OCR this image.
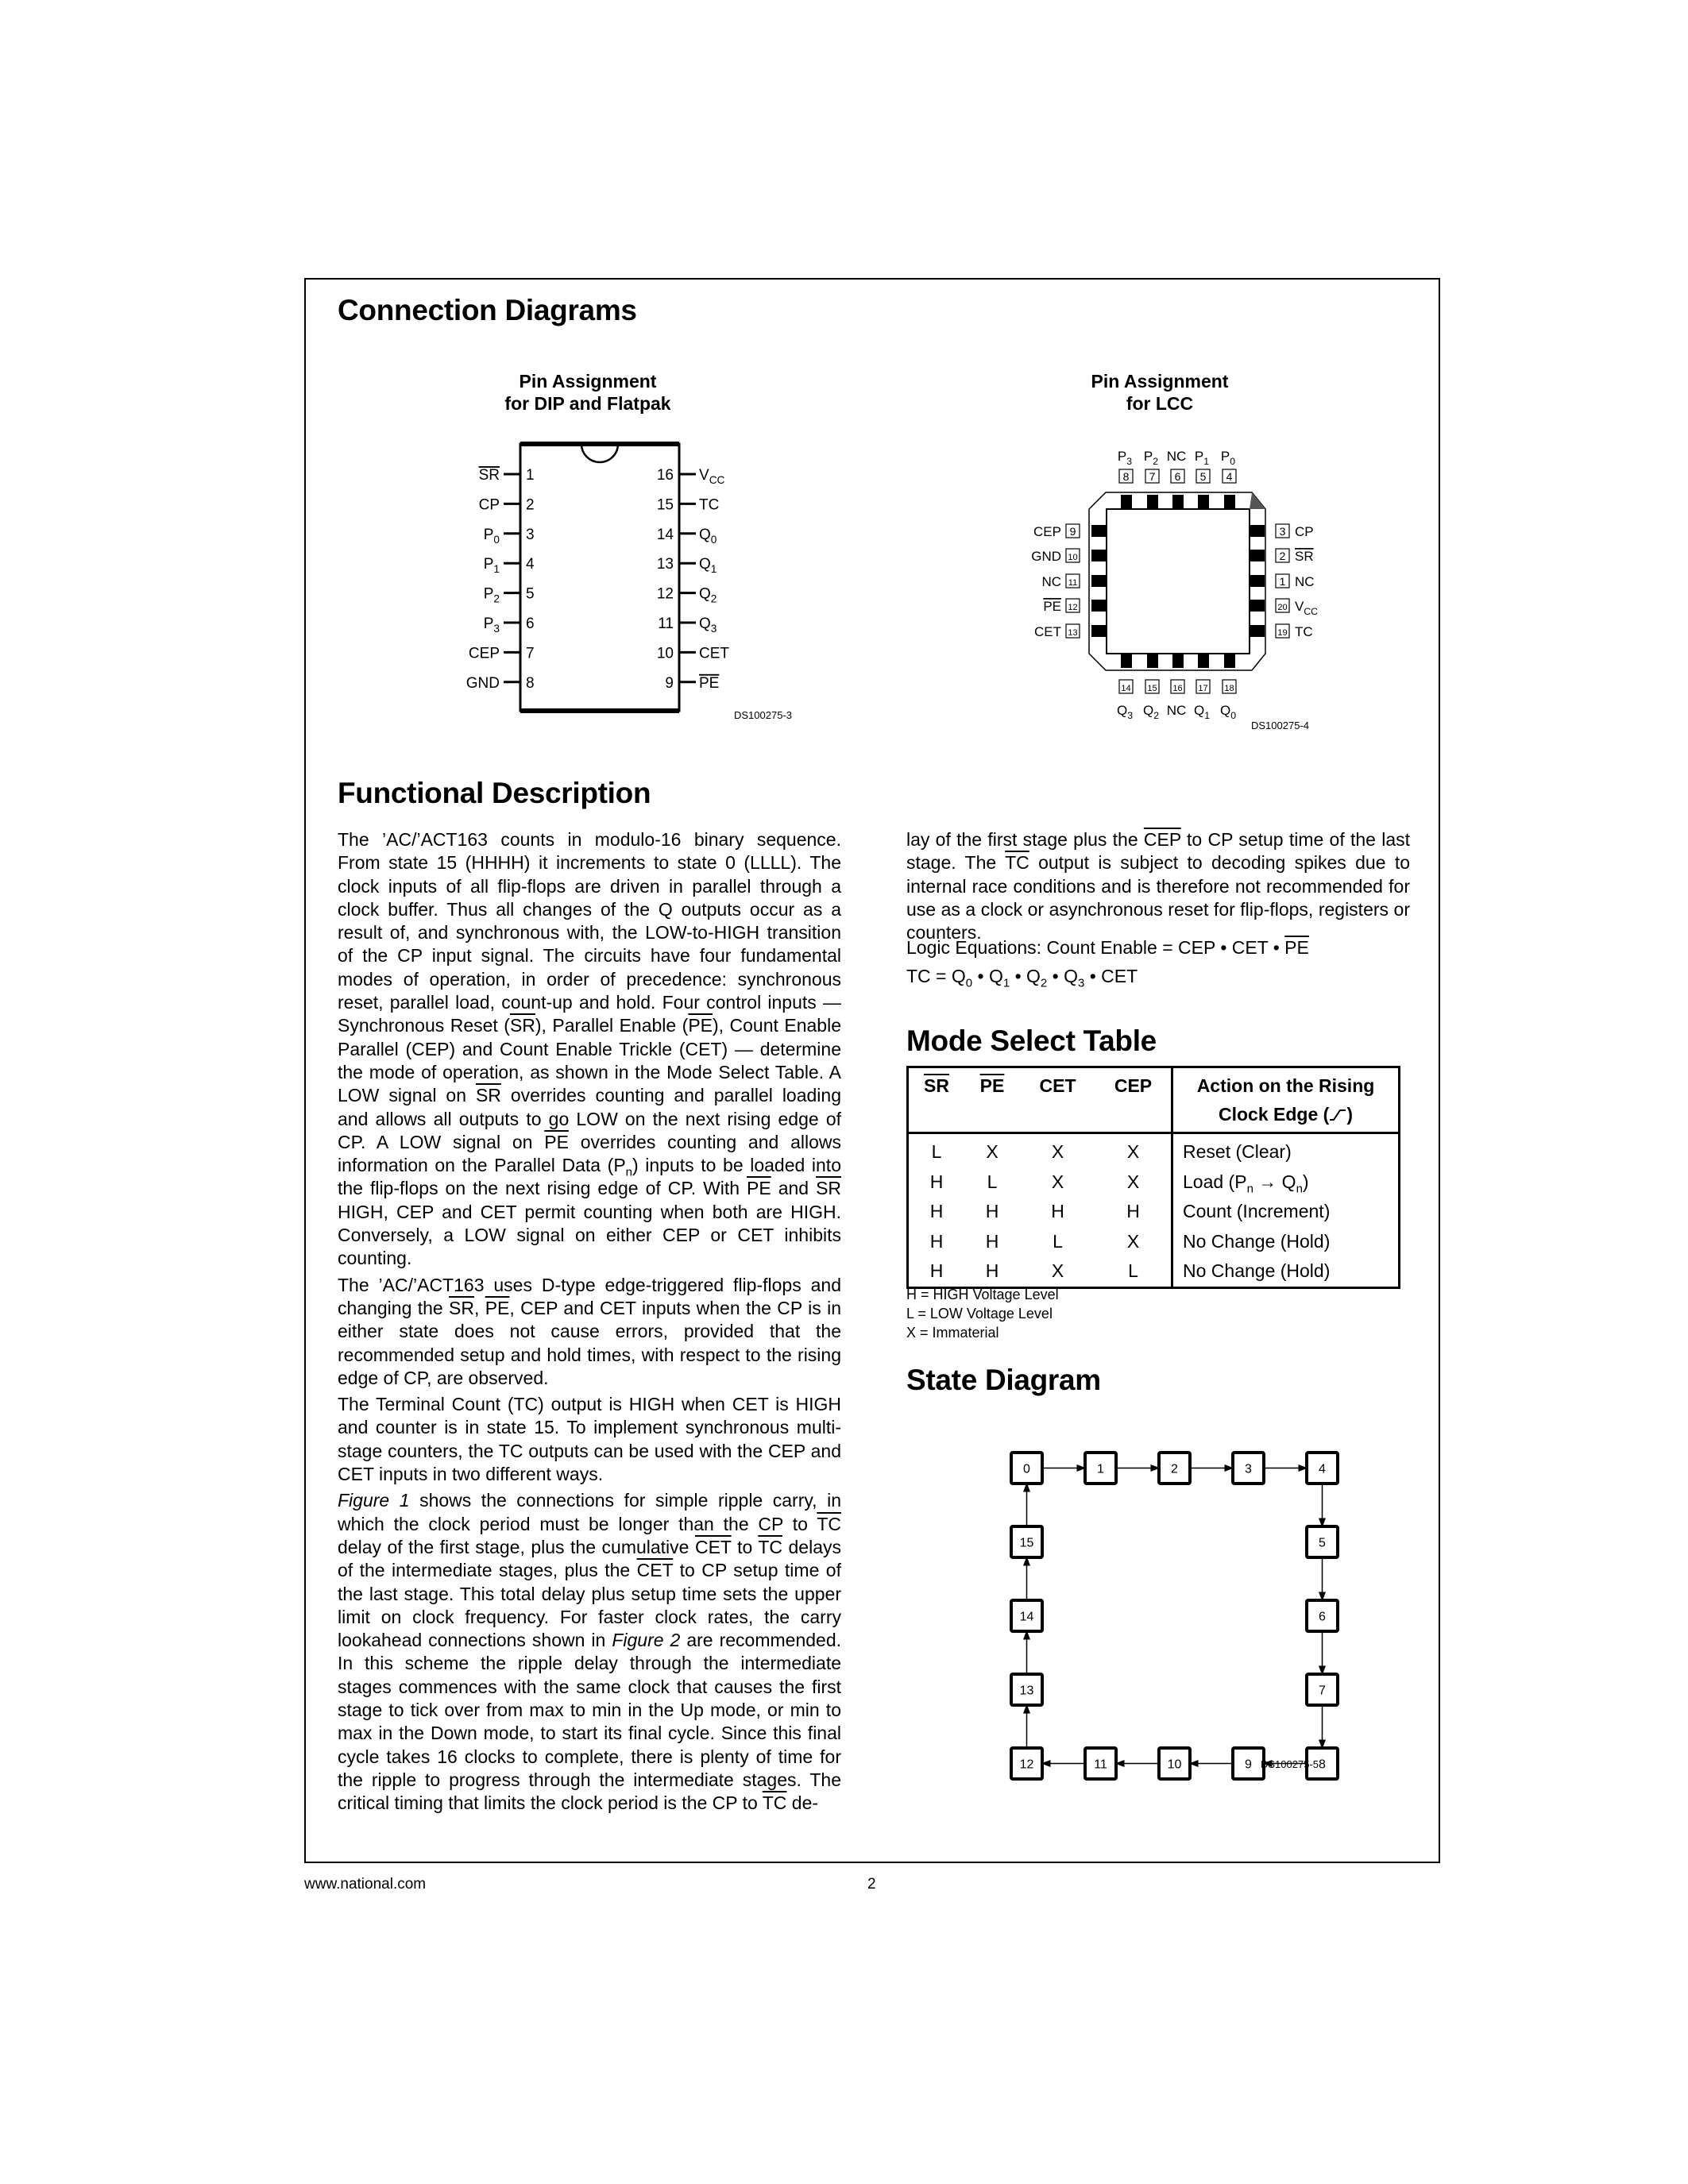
Connection Diagrams
Pin Assignment
for DIP and Flatpak
Pin Assignment
for LCC
SR 1
CP 2
$P_0$ 3
$P_1$ 4
$P_2$ 5
$P_3$ 6
CEP 7
GND 8
$V_{CC}$
16
TC
15
$Q_0$
14
$Q_1$
13
$Q_2$
12
$Q_3$
11
CET
10
PE
9
DS100275-3
8
$P_3$
7
$P_2$
6
NC
5
$P_1$
4
$P_0$
14
$Q_3$
15
$Q_2$
16
NC
17
$Q_1$
18
$Q_0$
9
CEP
10
GND
11
NC
12
PE
13
CET
3 CP
2 SR
1 NC
20 $V_{CC}$
19 TC
DS100275-4
0	1	2	3	4
5
6
7
8
9
10
11
12
13
14
15
DS100275-5
Functional Description

The ’AC/’ACT163 counts in modulo-16 binary sequence. From state 15 (HHHH) it increments to state 0 (LLLL). The clock inputs of all flip-flops are driven in parallel through a clock buffer. Thus all changes of the Q outputs occur as a result of, and synchronous with, the LOW-to-HIGH transition of the CP input signal. The circuits have four fundamental modes of operation, in order of precedence: synchronous reset, parallel load, count-up and hold. Four control inputs — Synchronous Reset $(\overline{SR})$, Parallel Enable $(\overline{PE})$, Count Enable Parallel (CEP) and Count Enable Trickle (CET) — determine the mode of operation, as shown in the Mode Select Table. A LOW signal on $\overline{SR}$ overrides counting and parallel loading and allows all outputs to go LOW on the next rising edge of CP. A LOW signal on $\overline{PE}$ overrides counting and allows information on the Parallel Data $(P_n)$ inputs to be loaded into the flip-flops on the next rising edge of CP. With $\overline{PE}$ and $\overline{SR}$ HIGH, CEP and CET permit counting when both are HIGH. Conversely, a LOW signal on either CEP or CET inhibits counting.

The ’AC/’ACT163 uses D-type edge-triggered flip-flops and changing the $\overline{SR}$, $\overline{PE}$, CEP and CET inputs when the CP is in either state does not cause errors, provided that the recommended setup and hold times, with respect to the rising edge of CP, are observed.

The Terminal Count (TC) output is HIGH when CET is HIGH and counter is in state 15. To implement synchronous multi-stage counters, the TC outputs can be used with the CEP and CET inputs in two different ways.

Figure 1 shows the connections for simple ripple carry, in which the clock period must be longer than the CP to $\overline{TC}$ delay of the first stage, plus the cumulative $\overline{CET}$ to $\overline{TC}$ delays of the intermediate stages, plus the $\overline{CET}$ to CP setup time of the last stage. This total delay plus setup time sets the upper limit on clock frequency. For faster clock rates, the carry lookahead connections shown in Figure 2 are recommended. In this scheme the ripple delay through the intermediate stages commences with the same clock that causes the first stage to tick over from max to min in the Up mode, or min to max in the Down mode, to start its final cycle. Since this final cycle takes 16 clocks to complete, there is plenty of time for the ripple to progress through the intermediate stages. The critical timing that limits the clock period is the CP to $\overline{TC}$ de-

lay of the first stage plus the $\overline{CEP}$ to CP setup time of the last stage. The $\overline{TC}$ output is subject to decoding spikes due to internal race conditions and is therefore not recommended for use as a clock or asynchronous reset for flip-flops, registers or counters.

Logic Equations: Count Enable = CEP • CET • $\overline{PE}$
TC = $Q_0$ • $Q_1$ • $Q_2$ • $Q_3$ • CET
Mode Select Table
$\overline{SR}$	$\overline{PE}$	CET	CEP	Action on the Rising
Clock Edge ( )

L	X	X	X	Reset (Clear)
H	L	X	X	Load $(P_n \to Q_n)$
H	H	H	H	Count (Increment)
H	H	L	X	No Change (Hold)
H	H	X	L	No Change (Hold)
H = HIGH Voltage Level
L = LOW Voltage Level
X = Immaterial
State Diagram
www.national.com	2
